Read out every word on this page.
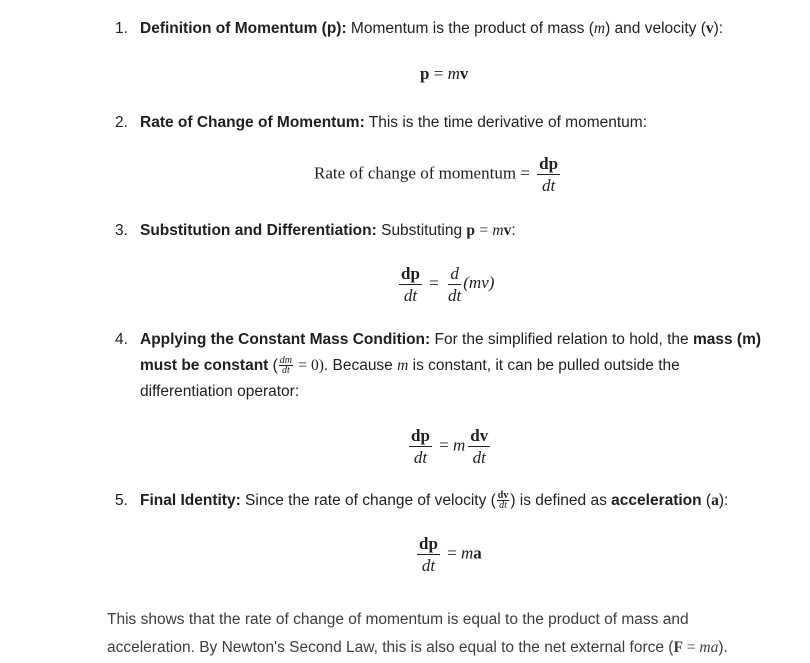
1. Definition of Momentum (p): Momentum is the product of mass (m) and velocity (v):
p = mv
2. Rate of Change of Momentum: This is the time derivative of momentum:
Rate of change of momentum = $\frac{dp}{dt}$
3. Substitution and Differentiation: Substituting p = mv:
$\frac{dp}{dt} = \frac{d}{dt} (mv)$
4. Applying the Constant Mass Condition: For the simplified relation to hold, the mass (m)
must be constant ( $\frac{dm}{dt} = 0$). Because m is constant, it can be pulled outside the
differentiation operator:
$\frac{dp}{dt} = m \frac{dv}{dt}$
5. Final Identity: Since the rate of change of velocity ( $\frac{dv}{dt}$ ) is defined as acceleration (a):
$\frac{dp}{dt}$ = ma
This shows that the rate of change of momentum is equal to the product of mass and acceleration. By Newton's Second Law, this is also equal to the net external force (F = ma).
